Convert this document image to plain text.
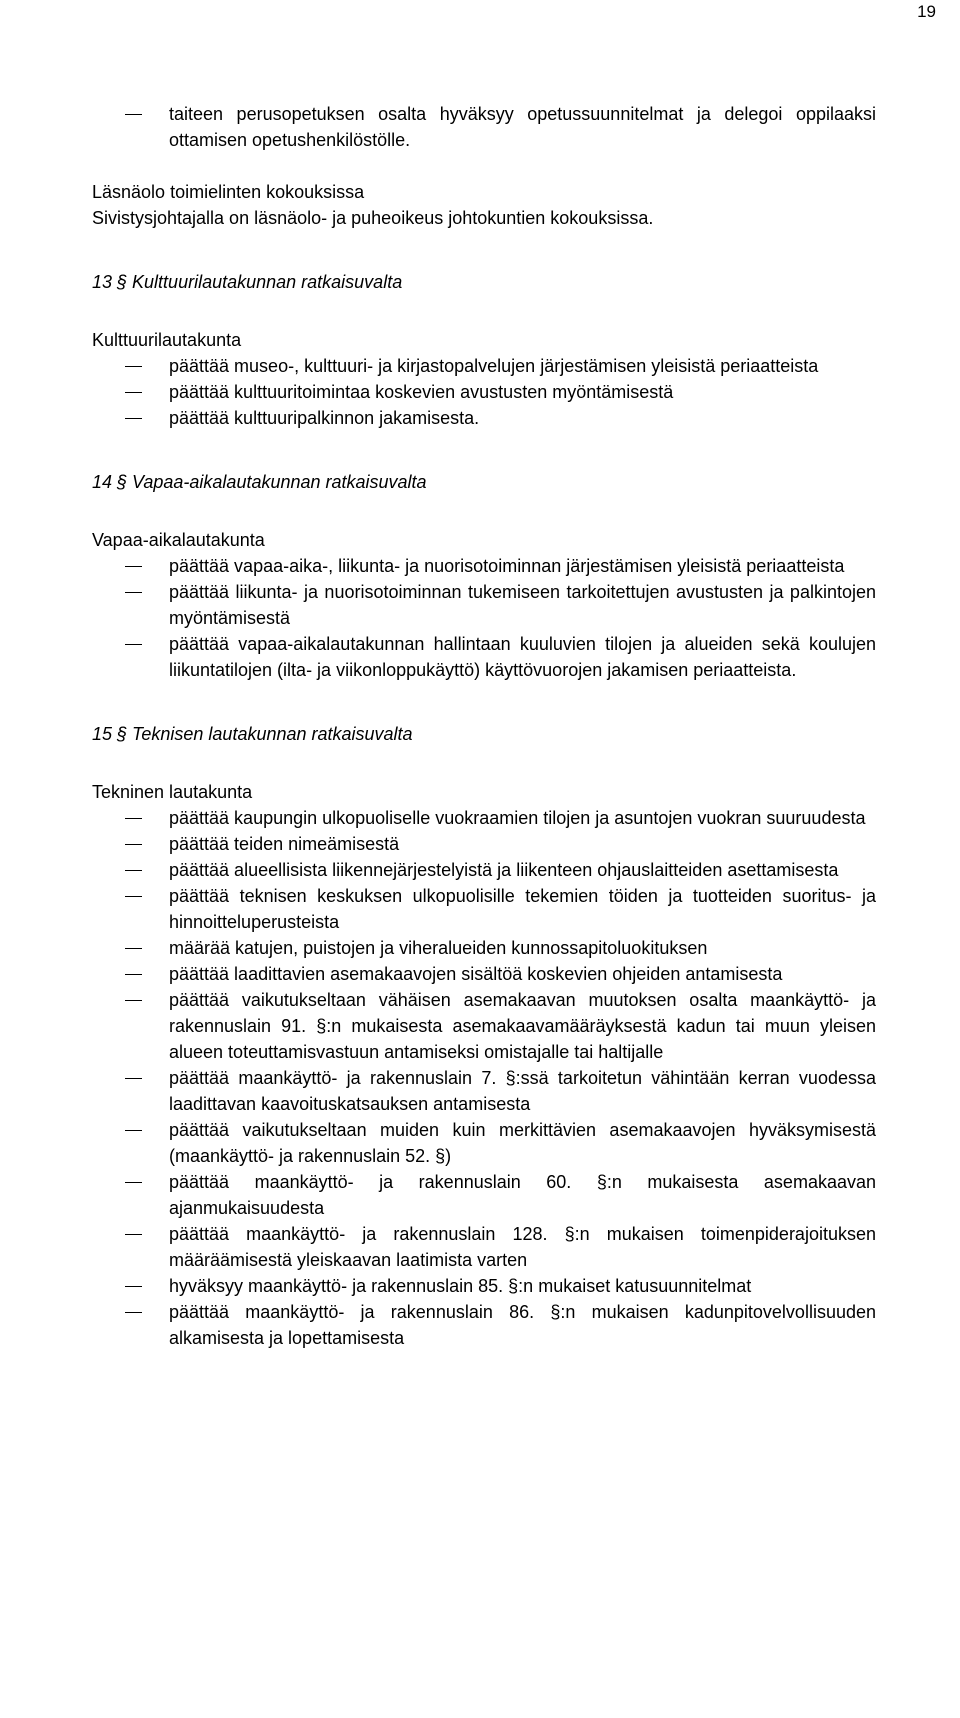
19
taiteen perusopetuksen osalta hyväksyy opetussuunnitelmat ja delegoi oppilaaksi ottamisen opetushenkilöstölle.

Läsnäolo toimielinten kokouksissa

Sivistysjohtajalla on läsnäolo- ja puheoikeus johtokuntien kokouksissa.

13 § Kulttuurilautakunnan ratkaisuvalta

Kulttuurilautakunta

päättää museo-, kulttuuri- ja kirjastopalvelujen järjestämisen yleisistä periaatteista
päättää kulttuuritoimintaa koskevien avustusten myöntämisestä
päättää kulttuuripalkinnon jakamisesta.

14 § Vapaa-aikalautakunnan ratkaisuvalta

Vapaa-aikalautakunta

päättää vapaa-aika-, liikunta- ja nuorisotoiminnan järjestämisen yleisistä periaatteista
päättää liikunta- ja nuorisotoiminnan tukemiseen tarkoitettujen avustusten ja palkintojen myöntämisestä
päättää vapaa-aikalautakunnan hallintaan kuuluvien tilojen ja alueiden sekä koulujen liikuntatilojen (ilta- ja viikonloppukäyttö) käyttövuorojen jakamisen periaatteista.

15 § Teknisen lautakunnan ratkaisuvalta

Tekninen lautakunta

päättää kaupungin ulkopuoliselle vuokraamien tilojen ja asuntojen vuokran suuruudesta
päättää teiden nimeämisestä
päättää alueellisista liikennejärjestelyistä ja liikenteen ohjauslaitteiden asettamisesta
päättää teknisen keskuksen ulkopuolisille tekemien töiden ja tuotteiden suoritus- ja hinnoitteluperusteista
määrää katujen, puistojen ja viheralueiden kunnossapitoluokituksen
päättää laadittavien asemakaavojen sisältöä koskevien ohjeiden antamisesta
päättää vaikutukseltaan vähäisen asemakaavan muutoksen osalta maankäyttö- ja rakennuslain 91. §:n mukaisesta asemakaavamääräyksestä kadun tai muun yleisen alueen toteuttamisvastuun antamiseksi omistajalle tai haltijalle
päättää maankäyttö- ja rakennuslain 7. §:ssä tarkoitetun vähintään kerran vuodessa laadittavan kaavoituskatsauksen antamisesta
päättää vaikutukseltaan muiden kuin merkittävien asemakaavojen hyväksymisestä (maankäyttö- ja rakennuslain 52. §)
päättää maankäyttö- ja rakennuslain 60. §:n mukaisesta asemakaavan ajanmukaisuudesta
päättää maankäyttö- ja rakennuslain 128. §:n mukaisen toimenpiderajoituksen määräämisestä yleiskaavan laatimista varten
hyväksyy maankäyttö- ja rakennuslain 85. §:n mukaiset katusuunnitelmat
päättää maankäyttö- ja rakennuslain 86. §:n mukaisen kadunpitovelvollisuuden alkamisesta ja lopettamisesta
